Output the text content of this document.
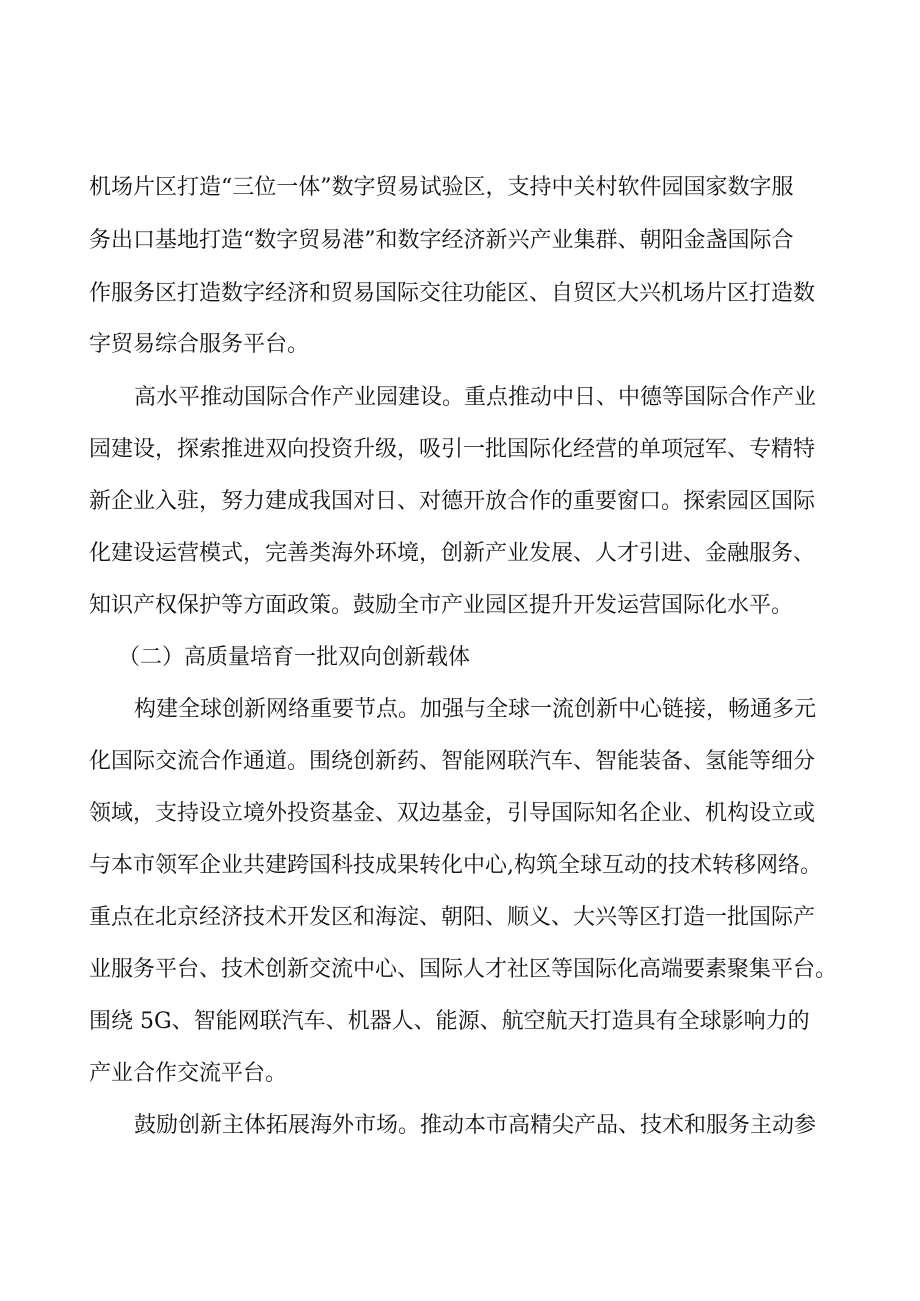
机场片区打造“三位一体”数字贸易试验区，支持中关村软件园国家数字服

务出口基地打造“数字贸易港”和数字经济新兴产业集群、朝阳金盏国际合

作服务区打造数字经济和贸易国际交往功能区、自贸区大兴机场片区打造数

字贸易综合服务平台。

高水平推动国际合作产业园建设。重点推动中日、中德等国际合作产业

园建设，探索推进双向投资升级，吸引一批国际化经营的单项冠军、专精特

新企业入驻，努力建成我国对日、对德开放合作的重要窗口。探索园区国际

化建设运营模式，完善类海外环境，创新产业发展、人才引进、金融服务、

知识产权保护等方面政策。鼓励全市产业园区提升开发运营国际化水平。

（二）高质量培育一批双向创新载体

构建全球创新网络重要节点。加强与全球一流创新中心链接，畅通多元

化国际交流合作通道。围绕创新药、智能网联汽车、智能装备、氢能等细分

领域，支持设立境外投资基金、双边基金，引导国际知名企业、机构设立或

与本市领军企业共建跨国科技成果转化中心,构筑全球互动的技术转移网络。

重点在北京经济技术开发区和海淀、朝阳、顺义、大兴等区打造一批国际产

业服务平台、技术创新交流中心、国际人才社区等国际化高端要素聚集平台。

围绕 5G、智能网联汽车、机器人、能源、航空航天打造具有全球影响力的

产业合作交流平台。

鼓励创新主体拓展海外市场。推动本市高精尖产品、技术和服务主动参
